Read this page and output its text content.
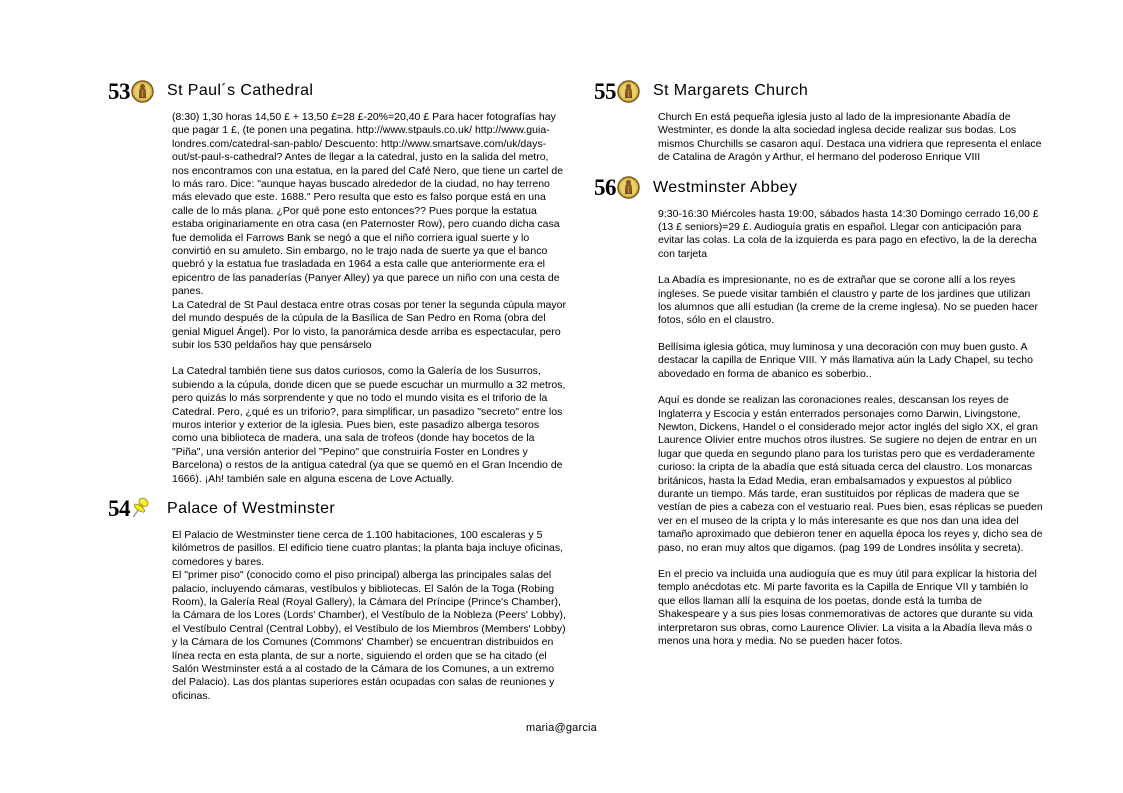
53 St Paul´s Cathedral

(8:30) 1,30 horas 14,50 £ + 13,50 £=28 £-20%=20,40 £ Para hacer fotografías hay que pagar 1 £, (te ponen una pegatina. http://www.stpauls.co.uk/ http://www.guia-londres.com/catedral-san-pablo/ Descuento: http://www.smartsave.com/uk/days-out/st-paul-s-cathedral? Antes de llegar a la catedral, justo en la salida del metro, nos encontramos con una estatua, en la pared del Café Nero, que tiene un cartel de lo más raro. Dice: "aunque hayas buscado alrededor de la ciudad, no hay terreno más elevado que este. 1688." Pero resulta que esto es falso porque está en una calle de lo más plana. ¿Por qué pone esto entonces?? Pues porque la estatua estaba originariamente en otra casa (en Paternoster Row), pero cuando dicha casa fue demolida el Farrows Bank se negó a que el niño corriera igual suerte y lo convirtió en su amuleto. Sin embargo, no le trajo nada de suerte ya que el banco quebró y la estatua fue trasladada en 1964 a esta calle que anteriormente era el epicentro de las panaderías (Panyer Alley) ya que parece un niño con una cesta de panes.

La Catedral de St Paul destaca entre otras cosas por tener la segunda cúpula mayor del mundo después de la cúpula de la Basílica de San Pedro en Roma (obra del genial Miguel Ángel). Por lo visto, la panorámica desde arriba es espectacular, pero subir los 530 peldaños hay que pensárselo

La Catedral también tiene sus datos curiosos, como la Galería de los Susurros, subiendo a la cúpula, donde dicen que se puede escuchar un murmullo a 32 metros, pero quizás lo más sorprendente y que no todo el mundo visita es el triforio de la Catedral. Pero, ¿qué es un triforio?, para simplificar, un pasadizo "secreto" entre los muros interior y exterior de la iglesia. Pues bien, este pasadizo alberga tesoros como una biblioteca de madera, una sala de trofeos (donde hay bocetos de la "Piña", una versión anterior del "Pepino" que construiría Foster en Londres y Barcelona) o restos de la antigua catedral (ya que se quemó en el Gran Incendio de 1666). ¡Ah! también sale en alguna escena de Love Actually.

54 Palace of Westminster

El Palacio de Westminster tiene cerca de 1.100 habitaciones, 100 escaleras y 5 kilómetros de pasillos. El edificio tiene cuatro plantas; la planta baja incluye oficinas, comedores y bares.

El "primer piso" (conocido como el piso principal) alberga las principales salas del palacio, incluyendo cámaras, vestíbulos y bibliotecas. El Salón de la Toga (Robing Room), la Galería Real (Royal Gallery), la Cámara del Príncipe (Prince's Chamber), la Cámara de los Lores (Lords' Chamber), el Vestíbulo de la Nobleza (Peers' Lobby), el Vestíbulo Central (Central Lobby), el Vestíbulo de los Miembros (Members' Lobby) y la Cámara de los Comunes (Commons' Chamber) se encuentran distribuidos en línea recta en esta planta, de sur a norte, siguiendo el orden que se ha citado (el Salón Westminster está a al costado de la Cámara de los Comunes, a un extremo del Palacio). Las dos plantas superiores están ocupadas con salas de reuniones y oficinas.

55 St Margarets Church

Church En está pequeña iglesia justo al lado de la impresionante Abadía de Westminter, es donde la alta sociedad inglesa decide realizar sus bodas. Los mismos Churchills se casaron aquí. Destaca una vidriera que representa el enlace de Catalina de Aragón y Arthur, el hermano del poderoso Enrique VIII

56 Westminster Abbey

9:30-16:30 Miércoles hasta 19:00, sábados hasta 14:30 Domingo cerrado 16,00 £ (13 £ seniors)=29 £. Audioguía gratis en español. Llegar con anticipación para evitar las colas. La cola de la izquierda es para pago en efectivo, la de la derecha con tarjeta

La Abadía es impresionante, no es de extrañar que se corone allí a los reyes ingleses. Se puede visitar también el claustro y parte de los jardines que utilizan los alumnos que allí estudian (la creme de la creme inglesa). No se pueden hacer fotos, sólo en el claustro.

Bellísima iglesia gótica, muy luminosa y una decoración con muy buen gusto. A destacar la capilla de Enrique VIII. Y más llamativa aún la Lady Chapel, su techo abovedado en forma de abanico es soberbio..

Aquí es donde se realizan las coronaciones reales, descansan los reyes de Inglaterra y Escocia y están enterrados personajes como Darwin, Livingstone, Newton, Dickens, Handel o el considerado mejor actor inglés del siglo XX, el gran Laurence Olivier entre muchos otros ilustres. Se sugiere no dejen de entrar en un lugar que queda en segundo plano para los turistas pero que es verdaderamente curioso: la cripta de la abadía que está situada cerca del claustro. Los monarcas británicos, hasta la Edad Media, eran embalsamados y expuestos al público durante un tiempo. Más tarde, eran sustituidos por réplicas de madera que se vestían de pies a cabeza con el vestuario real. Pues bien, esas réplicas se pueden ver en el museo de la cripta y lo más interesante es que nos dan una idea del tamaño aproximado que debieron tener en aquella época los reyes y, dicho sea de paso, no eran muy altos que digamos. (pag 199 de Londres insólita y secreta).

En el precio va incluida una audioguía que es muy útil para explicar la historia del templo anécdotas etc. Mi parte favorita es la Capilla de Enrique VII y también lo que ellos llaman allí la esquina de los poetas, donde está la tumba de Shakespeare y a sus pies losas conmemorativas de actores que durante su vida interpretaron sus obras, como Laurence Olivier. La visita a la Abadía lleva más o menos una hora y media. No se pueden hacer fotos.

maria@garcia
